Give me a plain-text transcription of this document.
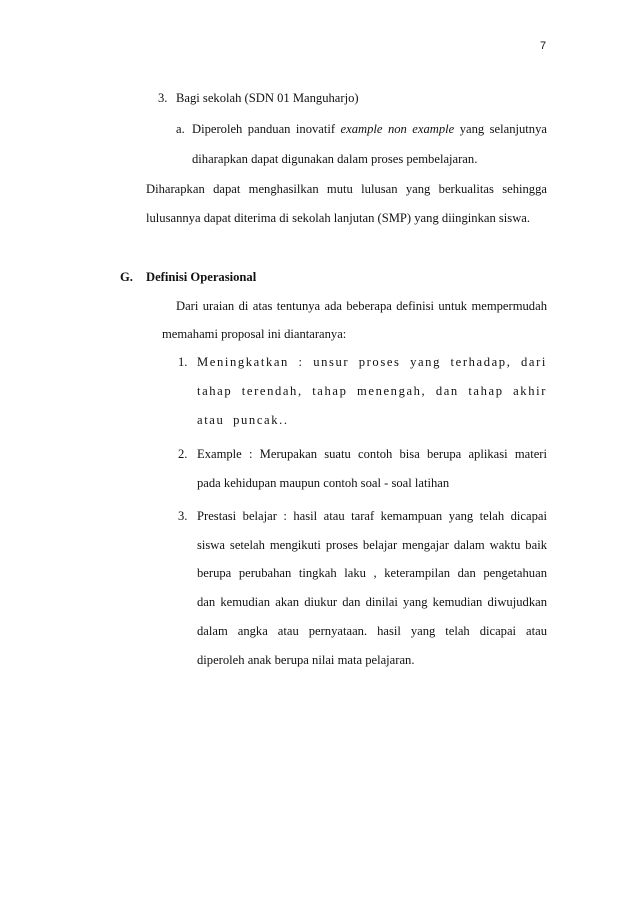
7
3. Bagi sekolah (SDN 01 Manguharjo)
a. Diperoleh panduan inovatif example non example yang selanjutnya
diharapkan dapat digunakan dalam proses pembelajaran.
Diharapkan dapat menghasilkan mutu lulusan yang berkualitas sehingga
lulusannya dapat diterima di sekolah lanjutan (SMP) yang diinginkan siswa.
G. Definisi Operasional
Dari uraian di atas tentunya ada beberapa definisi untuk mempermudah
memahami proposal ini diantaranya:
1. Meningkatkan : unsur proses yang terhadap, dari
tahap terendah, tahap menengah, dan tahap akhir
atau puncak..
2. Example : Merupakan suatu contoh bisa berupa aplikasi materi
pada kehidupan maupun contoh soal - soal latihan
3. Prestasi belajar : hasil atau taraf kemampuan yang telah dicapai
siswa setelah mengikuti proses belajar mengajar dalam waktu baik
berupa perubahan tingkah laku , keterampilan dan pengetahuan
dan kemudian akan diukur dan dinilai yang kemudian diwujudkan
dalam angka atau pernyataan. hasil yang telah dicapai atau
diperoleh anak berupa nilai mata pelajaran.
